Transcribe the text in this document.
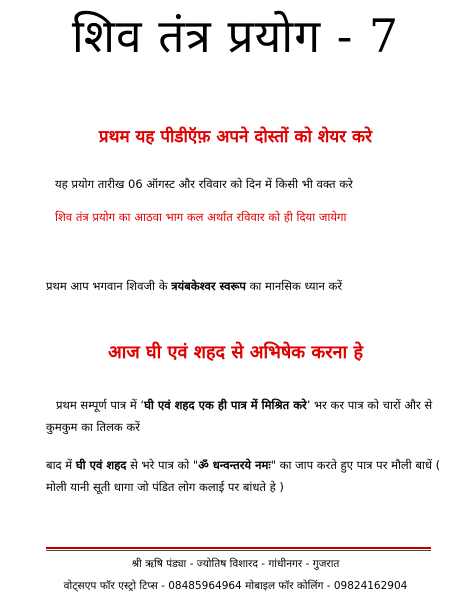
शिव तंत्र प्रयोग - 7
प्रथम यह पीडीऍफ़ अपने दोस्तों को शेयर करे
यह प्रयोग तारीख 06 ऑगस्ट और रविवार को दिन में किसी भी वक्त करे
शिव तंत्र प्रयोग का आठवा भाग कल अर्थात रविवार को ही दिया जायेगा
प्रथम आप भगवान शिवजी के त्रयंबकेश्वर स्वरूप का मानसिक ध्यान करें
आज घी एवं शहद से अभिषेक करना हे
प्रथम सम्पूर्ण पात्र में ‘घी एवं शहद एक ही पात्र में मिश्रित करे’ भर कर पात्र को चारों और से कुमकुम का तिलक करें
बाद में घी एवं शहद से भरे पात्र को "ॐ धन्वन्तरये नमः" का जाप करते हुए पात्र पर मौली बाधें ( मोली यानी सूती धागा जो पंडित लोग कलाई पर बांधते हे )
श्री ऋषि पंड्या - ज्योतिष विशारद - गांधीनगर - गुजरात
वोट्सएप फॉर एस्ट्रो टिप्स - 08485964964 मोबाइल फॉर कोलिंग - 09824162904
